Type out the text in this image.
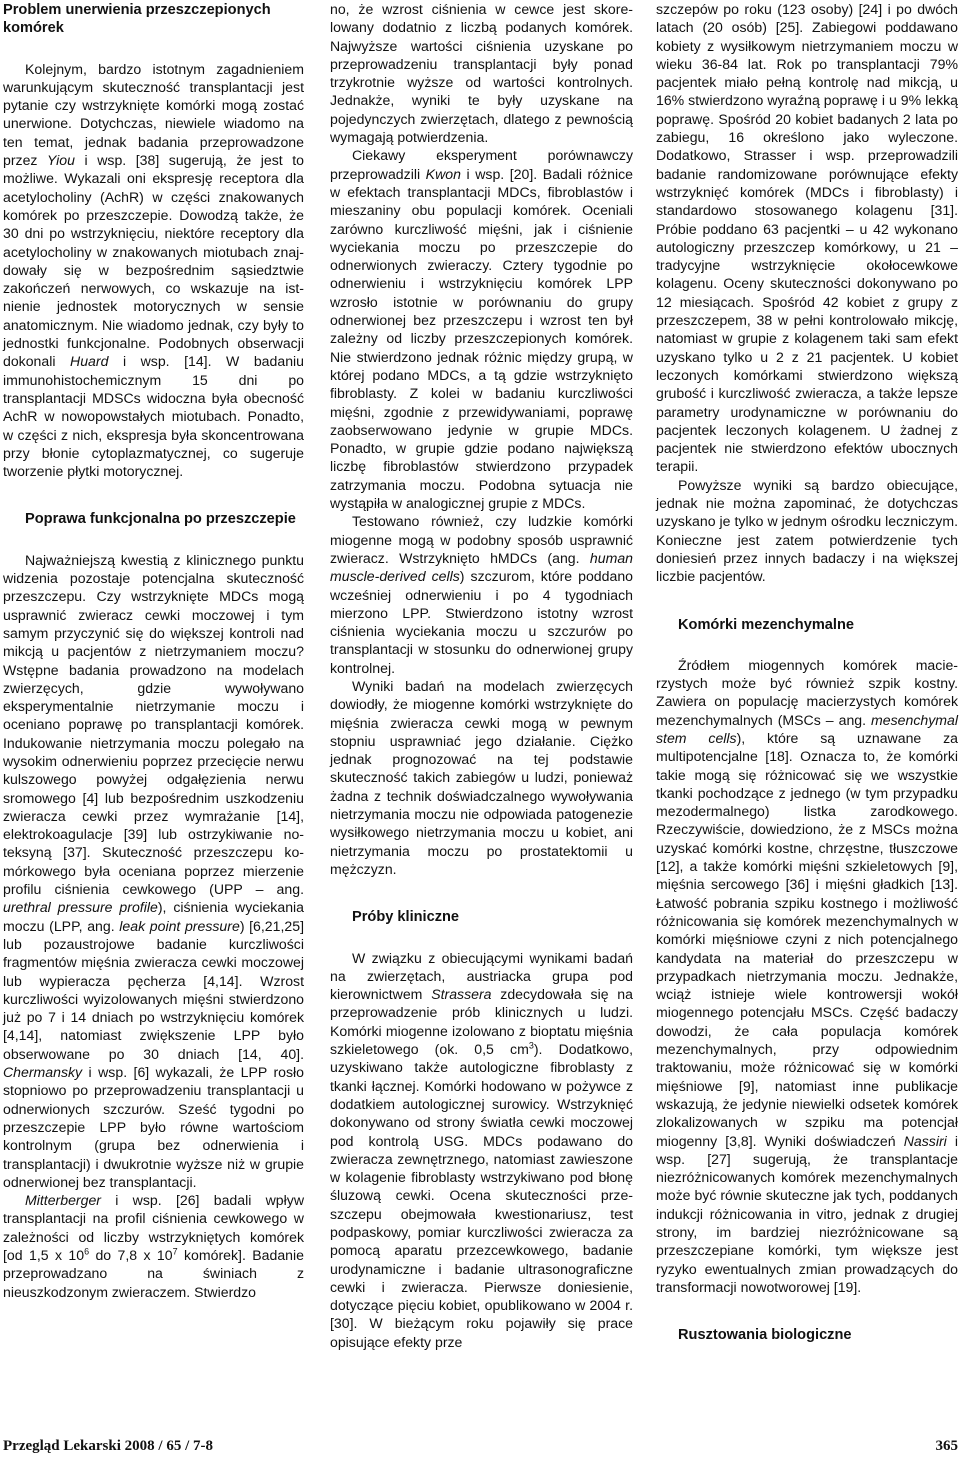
Problem unerwienia przeszczepionych komórek

Kolejnym, bardzo istotnym zagadnieniem warunkującym skuteczność transplantacji jest pytanie czy wstrzyknięte komórki mogą zostać unerwione. Dotychczas, niewiele wiadomo na ten temat, jednak badania przeprowadzone przez Yiou i wsp. [38] sugerują, że jest to możliwe. Wykazali oni ekspresję receptora dla acetylocholiny (AchR) w części znakowanych komórek po przeszczepie. Dowodzą także, że 30 dni po wstrzyknięciu, niektóre receptory dla acetylocholiny w znakowanych miotubach znajdowały się w bezpośrednim sąsiedztwie zakończeń nerwowych, co wskazuje na istnienie jednostek motorycznych w sensie anatomicznym. Nie wiadomo jednak, czy były to jednostki funkcjonalne. Podobnych obserwacji dokonali Huard i wsp. [14]. W badaniu immunohistochemicznym 15 dni po transplantacji MDSCs widoczna była obecność AchR w nowopowstałych miotubach. Ponadto, w części z nich, ekspresja była skoncentrowana przy błonie cytoplazmatycznej, co sugeruje tworzenie płytki motorycznej.

Poprawa funkcjonalna po przeszczepie

Najważniejszą kwestią z klinicznego punktu widzenia pozostaje potencjalna skuteczność przeszczepu. Czy wstrzyknięte MDCs mogą usprawnić zwieracz cewki moczowej i tym samym przyczynić się do większej kontroli nad mikcją u pacjentów z nietrzymaniem moczu? Wstępne badania prowadzono na modelach zwierzęcych, gdzie wywoływano eksperymentalnie nietrzymanie moczu i oceniano poprawę po transplantacji komórek. Indukowanie nietrzymania moczu polegało na wysokim odnerwieniu poprzez przecięcie nerwu kulszowego powyżej odgałęzienia nerwu sromowego [4] lub bezpośrednim uszkodzeniu zwieracza cewki przez wymrażanie [14], elektrokoagulacje [39] lub ostrzykiwanie noteksyną [37]. Skuteczność przeszczepu komórkowego była oceniana poprzez mierzenie profilu ciśnienia cewkowego (UPP – ang. urethral pressure profile), ciśnienia wyciekania moczu (LPP, ang. leak point pressure) [6,21,25] lub pozaustrojowe badanie kurczliwości fragmentów mięśnia zwieracza cewki moczowej lub wypieracza pęcherza [4,14]. Wzrost kurczliwości wyizolowanych mięśni stwierdzono już po 7 i 14 dniach po wstrzyknięciu komórek [4,14], natomiast zwiększenie LPP było obserwowane po 30 dniach [14, 40]. Chermansky i wsp. [6] wykazali, że LPP rosło stopniowo po przeprowadzeniu transplantacji u odnerwionych szczurów. Sześć tygodni po przeszczepie LPP było równe wartościom kontrolnym (grupa bez odnerwienia i transplantacji) i dwukrotnie wyższe niż w grupie odnerwionej bez transplantacji.

Mitterberger i wsp. [26] badali wpływ transplantacji na profil ciśnienia cewkowego w zależności od liczby wstrzykniętych komórek [od 1,5 x $10^6$ do 7,8 x $10^7$ komórek]. Badanie przeprowadzano na świniach z nieuszkodzonym zwieraczem. Stwierdzo

no, że wzrost ciśnienia w cewce jest skorelowany dodatnio z liczbą podanych komórek. Najwyższe wartości ciśnienia uzyskane po przeprowadzeniu transplantacji były ponad trzykrotnie wyższe od wartości kontrolnych. Jednakże, wyniki te były uzyskane na pojedynczych zwierzętach, dlatego z pewnością wymagają potwierdzenia.

Ciekawy eksperyment porównawczy przeprowadzili Kwon i wsp. [20]. Badali różnice w efektach transplantacji MDCs, fibroblastów i mieszaniny obu populacji komórek. Oceniali zarówno kurczliwość mięśni, jak i ciśnienie wyciekania moczu po przeszczepie do odnerwionych zwieraczy. Cztery tygodnie po odnerwieniu i wstrzyknięciu komórek LPP wzrosło istotnie w porównaniu do grupy odnerwionej bez przeszczepu i wzrost ten był zależny od liczby przeszczepionych komórek. Nie stwierdzono jednak różnic między grupą, w której podano MDCs, a tą gdzie wstrzyknięto fibroblasty. Z kolei w badaniu kurczliwości mięśni, zgodnie z przewidywaniami, poprawę zaobserwowano jedynie w grupie MDCs. Ponadto, w grupie gdzie podano największą liczbę fibroblastów stwierdzono przypadek zatrzymania moczu. Podobna sytuacja nie wystąpiła w analogicznej grupie z MDCs.

Testowano również, czy ludzkie komórki miogenne mogą w podobny sposób usprawnić zwieracz. Wstrzyknięto hMDCs (ang. human muscle-derived cells) szczurom, które poddano wcześniej odnerwieniu i po 4 tygodniach mierzono LPP. Stwierdzono istotny wzrost ciśnienia wyciekania moczu u szczurów po transplantacji w stosunku do odnerwionej grupy kontrolnej.

Wyniki badań na modelach zwierzęcych dowiodły, że miogenne komórki wstrzyknięte do mięśnia zwieracza cewki mogą w pewnym stopniu usprawniać jego działanie. Ciężko jednak prognozować na tej podstawie skuteczność takich zabiegów u ludzi, ponieważ żadna z technik doświadczalnego wywoływania nietrzymania moczu nie odpowiada patogenezie wysiłkowego nietrzymania moczu u kobiet, ani nietrzymania moczu po prostatektomii u mężczyzn.

Próby kliniczne

W związku z obiecującymi wynikami badań na zwierzętach, austriacka grupa pod kierownictwem Strassera zdecydowała się na przeprowadzenie prób klinicznych u ludzi. Komórki miogenne izolowano z bioptatu mięśnia szkieletowego (ok. 0,5 $cm^3$). Dodatkowo, uzyskiwano także autologiczne fibroblasty z tkanki łącznej. Komórki hodowano w pożywce z dodatkiem autologicznej surowicy. Wstrzyknięć dokonywano od strony światła cewki moczowej pod kontrolą USG. MDCs podawano do zwieracza zewnętrznego, natomiast zawieszone w kolagenie fibroblasty wstrzykiwano pod błonę śluzową cewki. Ocena skuteczności przeszczepu obejmowała kwestionariusz, test podpaskowy, pomiar kurczliwości zwieracza za pomocą aparatu przezcewkowego, badanie urodynamiczne i badanie ultrasonograficzne cewki i zwieracza. Pierwsze doniesienie, dotyczące pięciu kobiet, opublikowano w 2004 r. [30]. W bieżącym roku pojawiły się prace opisujące efekty prze

szczepów po roku (123 osoby) [24] i po dwóch latach (20 osób) [25]. Zabiegowi poddawano kobiety z wysiłkowym nietrzymaniem moczu w wieku 36-84 lat. Rok po transplantacji 79% pacjentek miało pełną kontrolę nad mikcją, u 16% stwierdzono wyraźną poprawę i u 9% lekką poprawę. Spośród 20 kobiet badanych 2 lata po zabiegu, 16 określono jako wyleczone. Dodatkowo, Strasser i wsp. przeprowadzili badanie randomizowane porównujące efekty wstrzyknięć komórek (MDCs i fibroblasty) i standardowo stosowanego kolagenu [31]. Próbie poddano 63 pacjentki – u 42 wykonano autologiczny przeszczep komórkowy, u 21 – tradycyjne wstrzyknięcie okołocewkowe kolagenu. Oceny skuteczności dokonywano po 12 miesiącach. Spośród 42 kobiet z grupy z przeszczepem, 38 w pełni kontrolowało mikcję, natomiast w grupie z kolagenem taki sam efekt uzyskano tylko u 2 z 21 pacjentek. U kobiet leczonych komórkami stwierdzono większą grubość i kurczliwość zwieracza, a także lepsze parametry urodynamiczne w porównaniu do pacjentek leczonych kolagenem. U żadnej z pacjentek nie stwierdzono efektów ubocznych terapii.

Powyższe wyniki są bardzo obiecujące, jednak nie można zapominać, że dotychczas uzyskano je tylko w jednym ośrodku leczniczym. Konieczne jest zatem potwierdzenie tych doniesień przez innych badaczy i na większej liczbie pacjentów.

Komórki mezenchymalne

Źródłem miogennych komórek macierzystych może być również szpik kostny. Zawiera on populację macierzystych komórek mezenchymalnych (MSCs – ang. mesenchymal stem cells), które są uznawane za multipotencjalne [18]. Oznacza to, że komórki takie mogą się różnicować się we wszystkie tkanki pochodzące z jednego (w tym przypadku mezodermalnego) listka zarodkowego. Rzeczywiście, dowiedziono, że z MSCs można uzyskać komórki kostne, chrzęstne, tłuszczowe [12], a także komórki mięśni szkieletowych [9], mięśnia sercowego [36] i mięśni gładkich [13]. Łatwość pobrania szpiku kostnego i możliwość różnicowania się komórek mezenchymalnych w komórki mięśniowe czyni z nich potencjalnego kandydata na materiał do przeszczepu w przypadkach nietrzymania moczu. Jednakże, wciąż istnieje wiele kontrowersji wokół miogennego potencjału MSCs. Część badaczy dowodzi, że cała populacja komórek mezenchymalnych, przy odpowiednim traktowaniu, może różnicować się w komórki mięśniowe [9], natomiast inne publikacje wskazują, że jedynie niewielki odsetek komórek zlokalizowanych w szpiku ma potencjał miogenny [3,8]. Wyniki doświadczeń Nassiri i wsp. [27] sugerują, że transplantacje niezróżnicowanych komórek mezenchymalnych może być równie skuteczne jak tych, poddanych indukcji różnicowania in vitro, jednak z drugiej strony, im bardziej niezróżnicowane są przeszczepiane komórki, tym większe jest ryzyko ewentualnych zmian prowadzących do transformacji nowotworowej [19].

Rusztowania biologiczne
Przegląd Lekarski 2008 / 65 / 7-8	365
